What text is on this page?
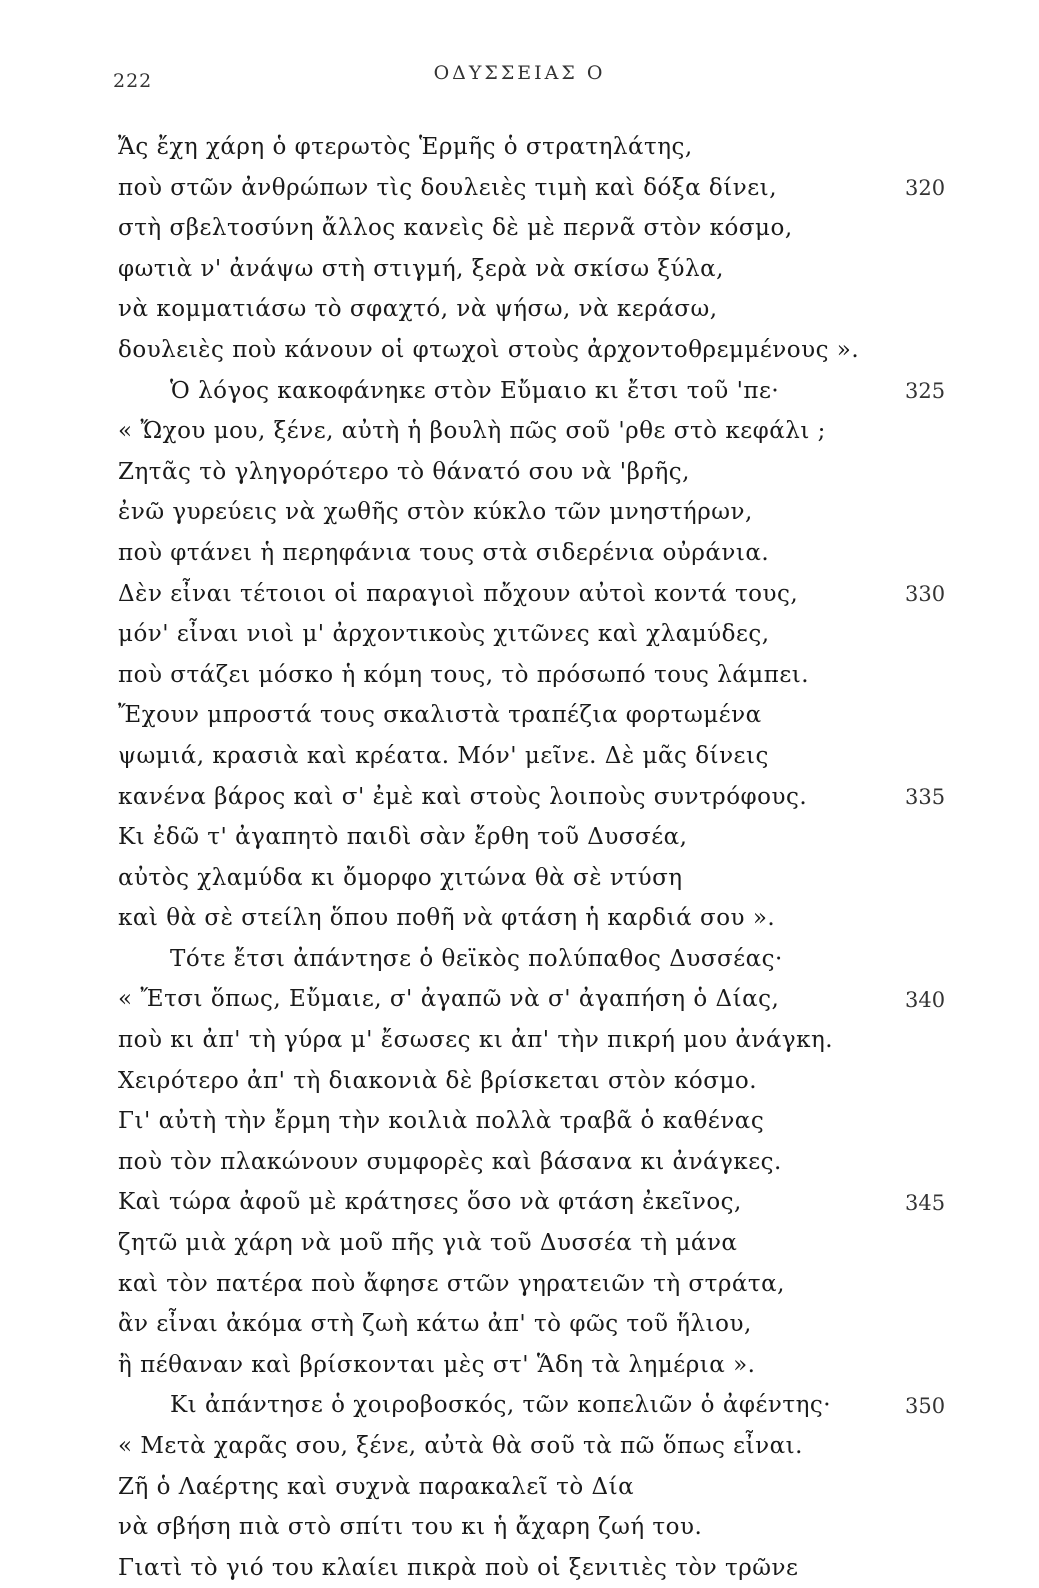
222	ΟΔΥΣΣΕΙΑΣ Ο
Ἄς ἔχη χάρη ὁ φτερωτὸς Ἑρμῆς ὁ στρατηλάτης,
ποὺ στῶν ἀνθρώπων τὶς δουλειὲς τιμὴ καὶ δόξα δίνει,
στὴ σβελτοσύνη ἄλλος κανεὶς δὲ μὲ περνᾶ στὸν κόσμο,
φωτιὰ ν' ἀνάψω στὴ στιγμή, ξερὰ νὰ σκίσω ξύλα,
νὰ κομματιάσω τὸ σφαχτό, νὰ ψήσω, νὰ κεράσω,
δουλειὲς ποὺ κάνουν οἱ φτωχοὶ στοὺς ἀρχοντοθρεμμένους ».
Ὁ λόγος κακοφάνηκε στὸν Εὔμαιο κι ἔτσι τοῦ 'πε·
« Ὤχου μου, ξένε, αὐτὴ ἡ βουλὴ πῶς σοῦ 'ρθε στὸ κεφάλι ;
Ζητᾶς τὸ γληγορότερο τὸ θάνατό σου νὰ 'βρῆς,
ἐνῶ γυρεύεις νὰ χωθῆς στὸν κύκλο τῶν μνηστήρων,
ποὺ φτάνει ἡ περηφάνια τους στὰ σιδερένια οὐράνια.
Δὲν εἶναι τέτοιοι οἱ παραγιοὶ πὄχουν αὐτοὶ κοντά τους,
μόν' εἶναι νιοὶ μ' ἀρχοντικοὺς χιτῶνες καὶ χλαμύδες,
ποὺ στάζει μόσκο ἡ κόμη τους, τὸ πρόσωπό τους λάμπει.
Ἔχουν μπροστά τους σκαλιστὰ τραπέζια φορτωμένα
ψωμιά, κρασιὰ καὶ κρέατα. Μόν' μεῖνε. Δὲ μᾶς δίνεις
κανένα βάρος καὶ σ' ἐμὲ καὶ στοὺς λοιποὺς συντρόφους.
Κι ἐδῶ τ' ἀγαπητὸ παιδὶ σὰν ἔρθη τοῦ Δυσσέα,
αὐτὸς χλαμύδα κι ὄμορφο χιτώνα θὰ σὲ ντύση
καὶ θὰ σὲ στείλη ὅπου ποθῆ νὰ φτάση ἡ καρδιά σου ».
Τότε ἔτσι ἀπάντησε ὁ θεϊκὸς πολύπαθος Δυσσέας·
« Ἔτσι ὅπως, Εὔμαιε, σ' ἀγαπῶ νὰ σ' ἀγαπήση ὁ Δίας,
ποὺ κι ἀπ' τὴ γύρα μ' ἔσωσες κι ἀπ' τὴν πικρή μου ἀνάγκη.
Χειρότερο ἀπ' τὴ διακονιὰ δὲ βρίσκεται στὸν κόσμο.
Γι' αὐτὴ τὴν ἔρμη τὴν κοιλιὰ πολλὰ τραβᾶ ὁ καθένας
ποὺ τὸν πλακώνουν συμφορὲς καὶ βάσανα κι ἀνάγκες.
Καὶ τώρα ἀφοῦ μὲ κράτησες ὅσο νὰ φτάση ἐκεῖνος,
ζητῶ μιὰ χάρη νὰ μοῦ πῆς γιὰ τοῦ Δυσσέα τὴ μάνα
καὶ τὸν πατέρα ποὺ ἄφησε στῶν γηρατειῶν τὴ στράτα,
ἂν εἶναι ἀκόμα στὴ ζωὴ κάτω ἀπ' τὸ φῶς τοῦ ἥλιου,
ἢ πέθαναν καὶ βρίσκονται μὲς στ' Ἅδη τὰ λημέρια ».
Κι ἀπάντησε ὁ χοιροβοσκός, τῶν κοπελιῶν ὁ ἀφέντης·
« Μετὰ χαρᾶς σου, ξένε, αὐτὰ θὰ σοῦ τὰ πῶ ὅπως εἶναι.
Ζῆ ὁ Λαέρτης καὶ συχνὰ παρακαλεῖ τὸ Δία
νὰ σβήση πιὰ στὸ σπίτι του κι ἡ ἄχαρη ζωή του.
Γιατὶ τὸ γιό του κλαίει πικρὰ ποὺ οἱ ξενιτιὲς τὸν τρῶνε
320
325
330
335
340
345
350
